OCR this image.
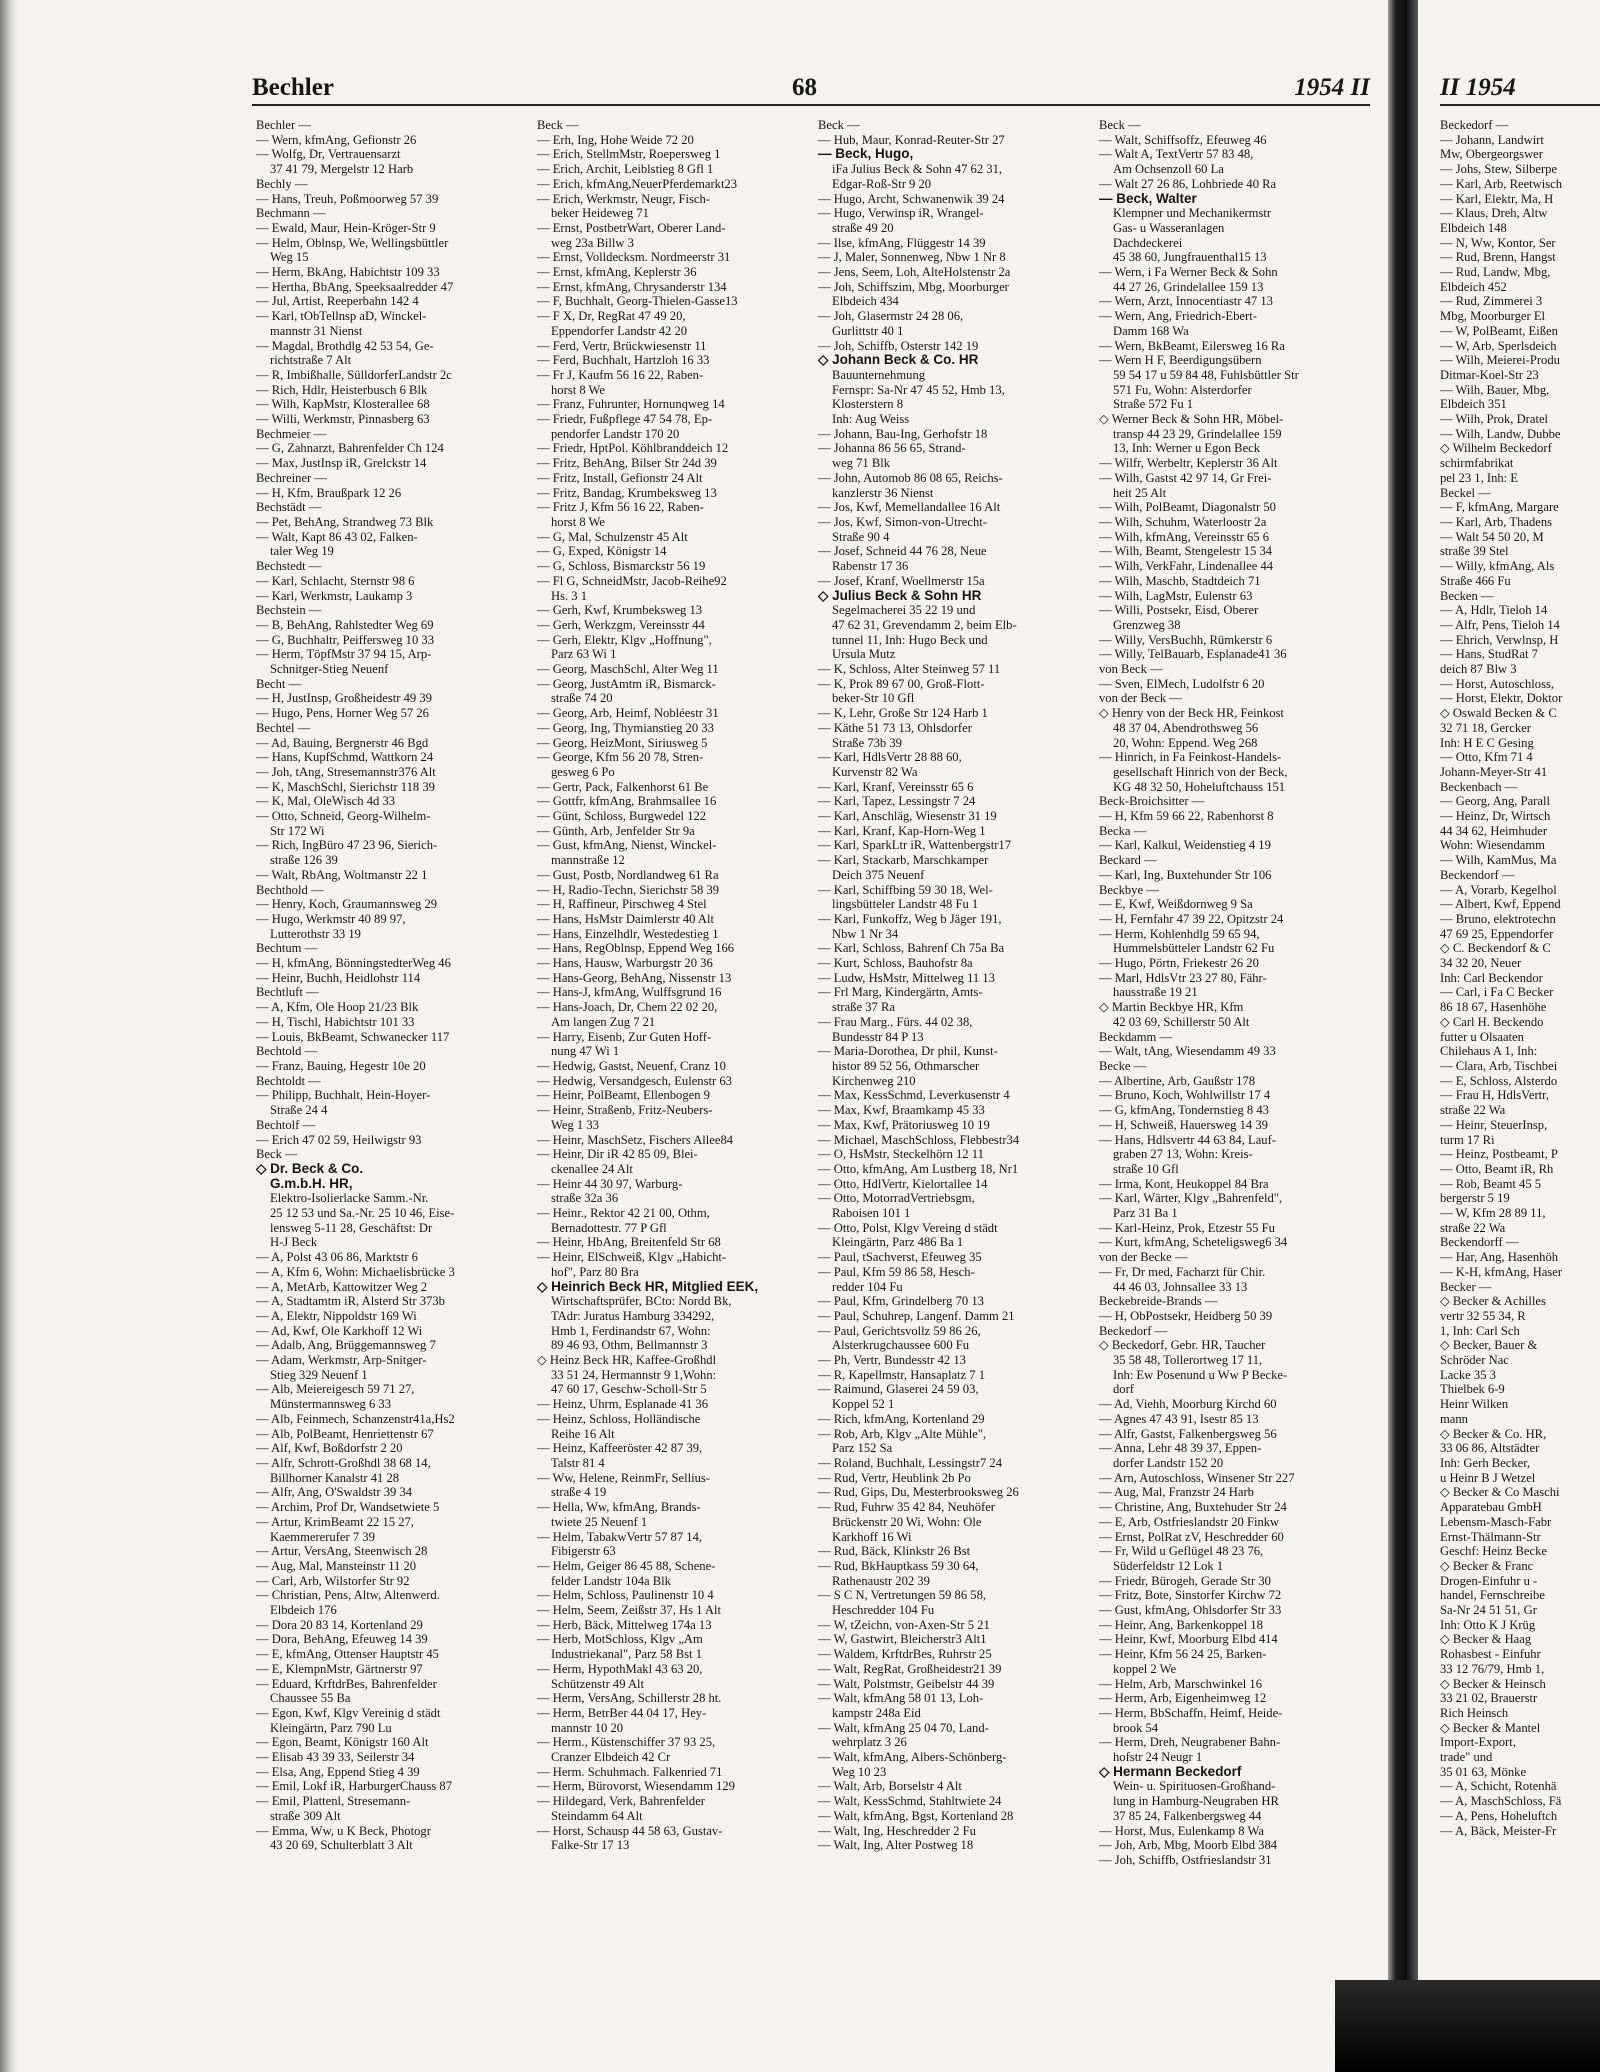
Bechler	68	1954 II
Bechler —
— Wern, kfmAng, Gefionstr 26
— Wolfg, Dr, Vertrauensarzt
37 41 79, Mergelstr 12 Harb
Bechly —
— Hans, Treuh, Poßmoorweg 57 39
Bechmann —
— Ewald, Maur, Hein-Kröger-Str 9
— Helm, Oblnsp, We, Wellingsbüttler
Weg 15
— Herm, BkAng, Habichtstr 109 33
— Hertha, BbAng, Speeksaalredder 47
— Jul, Artist, Reeperbahn 142 4
— Karl, tObTellnsp aD, Winckel-
mannstr 31 Nienst
— Magdal, Brothdlg 42 53 54, Ge-
richtstraße 7 Alt
— R, Imbißhalle, SülldorferLandstr 2c
— Rich, Hdlr, Heisterbusch 6 Blk
— Wilh, KapMstr, Klosterallee 68
— Willi, Werkmstr, Pinnasberg 63
Bechmeier —
— G, Zahnarzt, Bahrenfelder Ch 124
— Max, JustInsp iR, Grelckstr 14
Bechreiner —
— H, Kfm, Braußpark 12 26
Bechstädt —
— Pet, BehAng, Strandweg 73 Blk
— Walt, Kapt 86 43 02, Falken-
taler Weg 19
Bechstedt —
— Karl, Schlacht, Sternstr 98 6
— Karl, Werkmstr, Laukamp 3
Bechstein —
— B, BehAng, Rahlstedter Weg 69
— G, Buchhaltr, Peiffersweg 10 33
— Herm, TöpfMstr 37 94 15, Arp-
Schnitger-Stieg Neuenf
Becht —
— H, JustInsp, Großheidestr 49 39
— Hugo, Pens, Horner Weg 57 26
Bechtel —
— Ad, Bauing, Bergnerstr 46 Bgd
— Hans, KupfSchmd, Wattkorn 24
— Joh, tAng, Stresemannstr376 Alt
— K, MaschSchl, Sierichstr 118 39
— K, Mal, OleWisch 4d 33
— Otto, Schneid, Georg-Wilhelm-
Str 172 Wi
— Rich, IngBüro 47 23 96, Sierich-
straße 126 39
— Walt, RbAng, Woltmanstr 22 1
Bechthold —
— Henry, Koch, Graumannsweg 29
— Hugo, Werkmstr 40 89 97,
Lutterothstr 33 19
Bechtum —
— H, kfmAng, BönningstedterWeg 46
— Heinr, Buchh, Heidlohstr 114
Bechtluft —
— A, Kfm, Ole Hoop 21/23 Blk
— H, Tischl, Habichtstr 101 33
— Louis, BkBeamt, Schwanecker 117
Bechtold —
— Franz, Bauing, Hegestr 10e 20
Bechtoldt —
— Philipp, Buchhalt, Hein-Hoyer-
Straße 24 4
Bechtolf —
— Erich 47 02 59, Heilwigstr 93
Beck —
◇ Dr. Beck & Co.
G.m.b.H. HR,
Elektro-Isolierlacke Samm.-Nr.
25 12 53 und Sa.-Nr. 25 10 46, Eise-
lensweg 5-11 28, Geschäftst: Dr
H-J Beck
— A, Polst 43 06 86, Marktstr 6
— A, Kfm 6, Wohn: Michaelisbrücke 3
— A, MetArb, Kattowitzer Weg 2
— A, Stadtamtm iR, Alsterd Str 373b
— A, Elektr, Nippoldstr 169 Wi
— Ad, Kwf, Ole Karkhoff 12 Wi
— Adalb, Ang, Brüggemannsweg 7
— Adam, Werkmstr, Arp-Snitger-
Stieg 329 Neuenf 1
— Alb, Meiereigesch 59 71 27,
Münstermannsweg 6 33
— Alb, Feinmech, Schanzenstr41a,Hs2
— Alb, PolBeamt, Henriettenstr 67
— Alf, Kwf, Boßdorfstr 2 20
— Alfr, Schrott-Großhdl 38 68 14,
Billhorner Kanalstr 41 28
— Alfr, Ang, O'Swaldstr 39 34
— Archim, Prof Dr, Wandsetwiete 5
— Artur, KrimBeamt 22 15 27,
Kaemmererufer 7 39
— Artur, VersAng, Steenwisch 28
— Aug, Mal, Mansteinstr 11 20
— Carl, Arb, Wilstorfer Str 92
— Christian, Pens, Altw, Altenwerd.
Elbdeich 176
— Dora 20 83 14, Kortenland 29
— Dora, BehAng, Efeuweg 14 39
— E, kfmAng, Ottenser Hauptstr 45
— E, KlempnMstr, Gärtnerstr 97
— Eduard, KrftdrBes, Bahrenfelder
Chaussee 55 Ba
— Egon, Kwf, Klgv Vereinig d städt
Kleingärtn, Parz 790 Lu
— Egon, Beamt, Königstr 160 Alt
— Elisab 43 39 33, Seilerstr 34
— Elsa, Ang, Eppend Stieg 4 39
— Emil, Lokf iR, HarburgerChauss 87
— Emil, Plattenl, Stresemann-
straße 309 Alt
— Emma, Ww, u K Beck, Photogr
43 20 69, Schulterblatt 3 Alt
Beck —
— Erh, Ing, Hohe Weide 72 20
— Erich, StellmMstr, Roepersweg 1
— Erich, Archit, Leiblstieg 8 Gfl 1
— Erich, kfmAng,NeuerPferdemarkt23
— Erich, Werkmstr, Neugr, Fisch-
beker Heideweg 71
— Ernst, PostbetrWart, Oberer Land-
weg 23a Billw 3
— Ernst, Volldecksm. Nordmeerstr 31
— Ernst, kfmAng, Keplerstr 36
— Ernst, kfmAng, Chrysanderstr 134
— F, Buchhalt, Georg-Thielen-Gasse13
— F X, Dr, RegRat 47 49 20,
Eppendorfer Landstr 42 20
— Ferd, Vertr, Brückwiesenstr 11
— Ferd, Buchhalt, Hartzloh 16 33
— Fr J, Kaufm 56 16 22, Raben-
horst 8 We
— Franz, Fuhrunter, Hornunqweg 14
— Friedr, Fußpflege 47 54 78, Ep-
pendorfer Landstr 170 20
— Friedr, HptPol. Köhlbranddeich 12
— Fritz, BehAng, Bilser Str 24d 39
— Fritz, Install, Gefionstr 24 Alt
— Fritz, Bandag, Krumbeksweg 13
— Fritz J, Kfm 56 16 22, Raben-
horst 8 We
— G, Mal, Schulzenstr 45 Alt
— G, Exped, Königstr 14
— G, Schloss, Bismarckstr 56 19
— Fl G, SchneidMstr, Jacob-Reihe92
Hs. 3 1
— Gerh, Kwf, Krumbeksweg 13
— Gerh, Werkzgm, Vereinsstr 44
— Gerh, Elektr, Klgv „Hoffnung",
Parz 63 Wi 1
— Georg, MaschSchl, Alter Weg 11
— Georg, JustAmtm iR, Bismarck-
straße 74 20
— Georg, Arb, Heimf, Nobléestr 31
— Georg, Ing, Thymianstieg 20 33
— Georg, HeizMont, Siriusweg 5
— George, Kfm 56 20 78, Stren-
gesweg 6 Po
— Gertr, Pack, Falkenhorst 61 Be
— Gottfr, kfmAng, Brahmsallee 16
— Günt, Schloss, Burgwedel 122
— Günth, Arb, Jenfelder Str 9a
— Gust, kfmAng, Nienst, Winckel-
mannstraße 12
— Gust, Postb, Nordlandweg 61 Ra
— H, Radio-Techn, Sierichstr 58 39
— H, Raffineur, Pirschweg 4 Stel
— Hans, HsMstr Daimlerstr 40 Alt
— Hans, Einzelhdlr, Westedestieg 1
— Hans, RegOblnsp, Eppend Weg 166
— Hans, Hausw, Warburgstr 20 36
— Hans-Georg, BehAng, Nissenstr 13
— Hans-J, kfmAng, Wulffsgrund 16
— Hans-Joach, Dr, Chem 22 02 20,
Am langen Zug 7 21
— Harry, Eisenb, Zur Guten Hoff-
nung 47 Wi 1
— Hedwig, Gastst, Neuenf, Cranz 10
— Hedwig, Versandgesch, Eulenstr 63
— Heinr, PolBeamt, Ellenbogen 9
— Heinr, Straßenb, Fritz-Neubers-
Weg 1 33
— Heinr, MaschSetz, Fischers Allee84
— Heinr, Dir iR 42 85 09, Blei-
ckenallee 24 Alt
— Heinr 44 30 97, Warburg-
straße 32a 36
— Heinr., Rektor 42 21 00, Othm,
Bernadottestr. 77 P Gfl
— Heinr, HbAng, Breitenfeld Str 68
— Heinr, ElSchweiß, Klgv „Habicht-
hof", Parz 80 Bra
◇ Heinrich Beck HR, Mitglied EEK,
Wirtschaftsprüfer, BCto: Nordd Bk,
TAdr: Juratus Hamburg 334292,
Hmb 1, Ferdinandstr 67, Wohn:
89 46 93, Othm, Bellmannstr 3
◇ Heinz Beck HR, Kaffee-Großhdl
33 51 24, Hermannstr 9 1,Wohn:
47 60 17, Geschw-Scholl-Str 5
— Heinz, Uhrm, Esplanade 41 36
— Heinz, Schloss, Holländische
Reihe 16 Alt
— Heinz, Kaffeeröster 42 87 39,
Talstr 81 4
— Ww, Helene, ReinmFr, Sellius-
straße 4 19
— Hella, Ww, kfmAng, Brands-
twiete 25 Neuenf 1
— Helm, TabakwVertr 57 87 14,
Fibigerstr 63
— Helm, Geiger 86 45 88, Schene-
felder Landstr 104a Blk
— Helm, Schloss, Paulinenstr 10 4
— Helm, Seem, Zeißstr 37, Hs 1 Alt
— Herb, Bäck, Mittelweg 174a 13
— Herb, MotSchloss, Klgv „Am
Industriekanal", Parz 58 Bst 1
— Herm, HypothMakl 43 63 20,
Schützenstr 49 Alt
— Herm, VersAng, Schillerstr 28 ht.
— Herm, BetrBer 44 04 17, Hey-
mannstr 10 20
— Herm., Küstenschiffer 37 93 25,
Cranzer Elbdeich 42 Cr
— Herm. Schuhmach. Falkenried 71
— Herm, Bürovorst, Wiesendamm 129
— Hildegard, Verk, Bahrenfelder
Steindamm 64 Alt
— Horst, Schausp 44 58 63, Gustav-
Falke-Str 17 13
Beck —
— Hub, Maur, Konrad-Reuter-Str 27
— Beck, Hugo,
iFa Julius Beck & Sohn 47 62 31,
Edgar-Roß-Str 9 20
— Hugo, Archt, Schwanenwik 39 24
— Hugo, Verwinsp iR, Wrangel-
straße 49 20
— Ilse, kfmAng, Flüggestr 14 39
— J, Maler, Sonnenweg, Nbw 1 Nr 8
— Jens, Seem, Loh, AlteHolstenstr 2a
— Joh, Schiffszim, Mbg, Moorburger
Elbdeich 434
— Joh, Glasermstr 24 28 06,
Gurlittstr 40 1
— Joh, Schiffb, Osterstr 142 19
◇ Johann Beck & Co. HR
Bauunternehmung
Fernspr: Sa-Nr 47 45 52, Hmb 13,
Klosterstern 8
Inh: Aug Weiss
— Johann, Bau-Ing, Gerhofstr 18
— Johanna 86 56 65, Strand-
weg 71 Blk
— John, Automob 86 08 65, Reichs-
kanzlerstr 36 Nienst
— Jos, Kwf, Memellandallee 16 Alt
— Jos, Kwf, Simon-von-Utrecht-
Straße 90 4
— Josef, Schneid 44 76 28, Neue
Rabenstr 17 36
— Josef, Kranf, Woellmerstr 15a
◇ Julius Beck & Sohn HR
Segelmacherei 35 22 19 und
47 62 31, Grevendamm 2, beim Elb-
tunnel 11, Inh: Hugo Beck und
Ursula Mutz
— K, Schloss, Alter Steinweg 57 11
— K, Prok 89 67 00, Groß-Flott-
beker-Str 10 Gfl
— K, Lehr, Große Str 124 Harb 1
— Käthe 51 73 13, Ohlsdorfer
Straße 73b 39
— Karl, HdlsVertr 28 88 60,
Kurvenstr 82 Wa
— Karl, Kranf, Vereinsstr 65 6
— Karl, Tapez, Lessingstr 7 24
— Karl, Anschläg, Wiesenstr 31 19
— Karl, Kranf, Kap-Horn-Weg 1
— Karl, SparkLtr iR, Wattenbergstr17
— Karl, Stackarb, Marschkamper
Deich 375 Neuenf
— Karl, Schiffbing 59 30 18, Wel-
lingsbütteler Landstr 48 Fu 1
— Karl, Funkoffz, Weg b Jäger 191,
Nbw 1 Nr 34
— Karl, Schloss, Bahrenf Ch 75a Ba
— Kurt, Schloss, Bauhofstr 8a
— Ludw, HsMstr, Mittelweg 11 13
— Frl Marg, Kindergärtn, Amts-
straße 37 Ra
— Frau Marg., Fürs. 44 02 38,
Bundesstr 84 P 13
— Maria-Dorothea, Dr phil, Kunst-
histor 89 52 56, Othmarscher
Kirchenweg 210
— Max, KessSchmd, Leverkusenstr 4
— Max, Kwf, Braamkamp 45 33
— Max, Kwf, Prätoriusweg 10 19
— Michael, MaschSchloss, Flebbestr34
— O, HsMstr, Steckelhörn 12 11
— Otto, kfmAng, Am Lustberg 18, Nr1
— Otto, HdlVertr, Kielortallee 14
— Otto, MotorradVertriebsgm,
Raboisen 101 1
— Otto, Polst, Klgv Vereing d städt
Kleingärtn, Parz 486 Ba 1
— Paul, tSachverst, Efeuweg 35
— Paul, Kfm 59 86 58, Hesch-
redder 104 Fu
— Paul, Kfm, Grindelberg 70 13
— Paul, Schuhrep, Langenf. Damm 21
— Paul, Gerichtsvollz 59 86 26,
Alsterkrugchaussee 600 Fu
— Ph, Vertr, Bundesstr 42 13
— R, Kapellmstr, Hansaplatz 7 1
— Raimund, Glaserei 24 59 03,
Koppel 52 1
— Rich, kfmAng, Kortenland 29
— Rob, Arb, Klgv „Alte Mühle",
Parz 152 Sa
— Roland, Buchhalt, Lessingstr7 24
— Rud, Vertr, Heublink 2b Po
— Rud, Gips, Du, Mesterbrooksweg 26
— Rud, Fuhrw 35 42 84, Neuhöfer
Brückenstr 20 Wi, Wohn: Ole
Karkhoff 16 Wi
— Rud, Bäck, Klinkstr 26 Bst
— Rud, BkHauptkass 59 30 64,
Rathenaustr 202 39
— S C N, Vertretungen 59 86 58,
Heschredder 104 Fu
— W, tZeichn, von-Axen-Str 5 21
— W, Gastwirt, Bleicherstr3 Alt1
— Waldem, KrftdrBes, Ruhrstr 25
— Walt, RegRat, Großheidestr21 39
— Walt, Polstmstr, Geibelstr 44 39
— Walt, kfmAng 58 01 13, Loh-
kampstr 248a Eid
— Walt, kfmAng 25 04 70, Land-
wehrplatz 3 26
— Walt, kfmAng, Albers-Schönberg-
Weg 10 23
— Walt, Arb, Borselstr 4 Alt
— Walt, KessSchmd, Stahltwiete 24
— Walt, kfmAng, Bgst, Kortenland 28
— Walt, Ing, Heschredder 2 Fu
— Walt, Ing, Alter Postweg 18
Beck —
— Walt, Schiffsoffz, Efeuweg 46
— Walt A, TextVertr 57 83 48,
Am Ochsenzoll 60 La
— Walt 27 26 86, Lohbriede 40 Ra
— Beck, Walter
Klempner und Mechanikermstr
Gas- u Wasseranlagen
Dachdeckerei
45 38 60, Jungfrauenthal15 13
— Wern, i Fa Werner Beck & Sohn
44 27 26, Grindelallee 159 13
— Wern, Arzt, Innocentiastr 47 13
— Wern, Ang, Friedrich-Ebert-
Damm 168 Wa
— Wern, BkBeamt, Eilersweg 16 Ra
— Wern H F, Beerdigungsübern
59 54 17 u 59 84 48, Fuhlsbüttler Str
571 Fu, Wohn: Alsterdorfer
Straße 572 Fu 1
◇ Werner Beck & Sohn HR, Möbel-
transp 44 23 29, Grindelallee 159
13, Inh: Werner u Egon Beck
— Wilfr, Werbeltr, Keplerstr 36 Alt
— Wilh, Gastst 42 97 14, Gr Frei-
heit 25 Alt
— Wilh, PolBeamt, Diagonalstr 50
— Wilh, Schuhm, Waterloostr 2a
— Wilh, kfmAng, Vereinsstr 65 6
— Wilh, Beamt, Stengelestr 15 34
— Wilh, VerkFahr, Lindenallee 44
— Wilh, Maschb, Stadtdeich 71
— Wilh, LagMstr, Eulenstr 63
— Willi, Postsekr, Eisd, Oberer
Grenzweg 38
— Willy, VersBuchh, Rümkerstr 6
— Willy, TelBauarb, Esplanade41 36
von Beck —
— Sven, ElMech, Ludolfstr 6 20
von der Beck —
◇ Henry von der Beck HR, Feinkost
48 37 04, Abendrothsweg 56
20, Wohn: Eppend. Weg 268
— Hinrich, in Fa Feinkost-Handels-
gesellschaft Hinrich von der Beck,
KG 48 32 50, Hoheluftchauss 151
Beck-Broichsitter —
— H, Kfm 59 66 22, Rabenhorst 8
Becka —
— Karl, Kalkul, Weidenstieg 4 19
Beckard —
— Karl, Ing, Buxtehunder Str 106
Beckbye —
— E, Kwf, Weißdornweg 9 Sa
— H, Fernfahr 47 39 22, Opitzstr 24
— Herm, Kohlenhdlg 59 65 94,
Hummelsbütteler Landstr 62 Fu
— Hugo, Pörtn, Friekestr 26 20
— Marl, HdlsVtr 23 27 80, Fähr-
hausstraße 19 21
◇ Martin Beckbye HR, Kfm
42 03 69, Schillerstr 50 Alt
Beckdamm —
— Walt, tAng, Wiesendamm 49 33
Becke —
— Albertine, Arb, Gaußstr 178
— Bruno, Koch, Wohlwillstr 17 4
— G, kfmAng, Tondernstieg 8 43
— H, Schweiß, Hauersweg 14 39
— Hans, Hdlsvertr 44 63 84, Lauf-
graben 27 13, Wohn: Kreis-
straße 10 Gfl
— Irma, Kont, Heukoppel 84 Bra
— Karl, Wärter, Klgv „Bahrenfeld",
Parz 31 Ba 1
— Karl-Heinz, Prok, Etzestr 55 Fu
— Kurt, kfmAng, Scheteligsweg6 34
von der Becke —
— Fr, Dr med, Facharzt für Chir.
44 46 03, Johnsallee 33 13
Beckebreide-Brands —
— H, ObPostsekr, Heidberg 50 39
Beckedorf —
◇ Beckedorf, Gebr. HR, Taucher
35 58 48, Tollerortweg 17 11,
Inh: Ew Posenund u Ww P Becke-
dorf
— Ad, Viehh, Moorburg Kirchd 60
— Agnes 47 43 91, Isestr 85 13
— Alfr, Gastst, Falkenbergsweg 56
— Anna, Lehr 48 39 37, Eppen-
dorfer Landstr 152 20
— Arn, Autoschloss, Winsener Str 227
— Aug, Mal, Franzstr 24 Harb
— Christine, Ang, Buxtehuder Str 24
— E, Arb, Ostfrieslandstr 20 Finkw
— Ernst, PolRat zV, Heschredder 60
— Fr, Wild u Geflügel 48 23 76,
Süderfeldstr 12 Lok 1
— Friedr, Bürogeh, Gerade Str 30
— Fritz, Bote, Sinstorfer Kirchw 72
— Gust, kfmAng, Ohlsdorfer Str 33
— Heinr, Ang, Barkenkoppel 18
— Heinr, Kwf, Moorburg Elbd 414
— Heinr, Kfm 56 24 25, Barken-
koppel 2 We
— Helm, Arb, Marschwinkel 16
— Herm, Arb, Eigenheimweg 12
— Herm, BbSchaffn, Heimf, Heide-
brook 54
— Herm, Dreh, Neugrabener Bahn-
hofstr 24 Neugr 1
◇ Hermann Beckedorf
Wein- u. Spirituosen-Großhand-
lung in Hamburg-Neugraben HR
37 85 24, Falkenbergsweg 44
— Horst, Mus, Eulenkamp 8 Wa
— Joh, Arb, Mbg, Moorb Elbd 384
— Joh, Schiffb, Ostfrieslandstr 31
II 1954
Beckedorf —
— Johann, Landwirt
Mw, Obergeorgswer
— Johs, Stew, Silberpe
— Karl, Arb, Reetwisch
— Karl, Elektr, Ma, H
— Klaus, Dreh, Altw
Elbdeich 148
— N, Ww, Kontor, Ser
— Rud, Brenn, Hangst
— Rud, Landw, Mbg,
Elbdeich 452
— Rud, Zimmerei 3
Mbg, Moorburger El
— W, PolBeamt, Eißen
— W, Arb, Sperlsdeich
— Wilh, Meierei-Produ
Ditmar-Koel-Str 23
— Wilh, Bauer, Mbg,
Elbdeich 351
— Wilh, Prok, Dratel
— Wilh, Landw, Dubbe
◇ Wilhelm Beckedorf
schirmfabrikat
pel 23 1, Inh: E
Beckel —
— F, kfmAng, Margare
— Karl, Arb, Thadens
— Walt 54 50 20, M
straße 39 Stel
— Willy, kfmAng, Als
Straße 466 Fu
Becken —
— A, Hdlr, Tieloh 14
— Alfr, Pens, Tieloh 14
— Ehrich, Verwlnsp, H
— Hans, StudRat 7
deich 87 Blw 3
— Horst, Autoschloss,
— Horst, Elektr, Doktor
◇ Oswald Becken & C
32 71 18, Gercker
Inh: H E C Gesing
— Otto, Kfm 71 4
Johann-Meyer-Str 41
Beckenbach —
— Georg, Ang, Parall
— Heinz, Dr, Wirtsch
44 34 62, Heimhuder
Wohn: Wiesendamm
— Wilh, KamMus, Ma
Beckendorf —
— A, Vorarb, Kegelhol
— Albert, Kwf, Eppend
— Bruno, elektrotechn
47 69 25, Eppendorfer
◇ C. Beckendorf & C
34 32 20, Neuer
Inh: Carl Beckendor
— Carl, i Fa C Becker
86 18 67, Hasenhöhe
◇ Carl H. Beckendo
futter u Olsaaten
Chilehaus A 1, Inh:
— Clara, Arb, Tischbei
— E, Schloss, Alsterdo
— Frau H, HdlsVertr,
straße 22 Wa
— Heinr, SteuerInsp,
turm 17 Ri
— Heinz, Postbeamt, P
— Otto, Beamt iR, Rh
— Rob, Beamt 45 5
bergerstr 5 19
— W, Kfm 28 89 11,
straße 22 Wa
Beckendorff —
— Har, Ang, Hasenhöh
— K-H, kfmAng, Haser
Becker —
◇ Becker & Achilles
vertr 32 55 34, R
1, Inh: Carl Sch
◇ Becker, Bauer &
Schröder Nac
Lacke 35 3
Thielbek 6-9
Heinr Wilken
mann
◇ Becker & Co. HR,
33 06 86, Altstädter
Inh: Gerh Becker,
u Heinr B J Wetzel
◇ Becker & Co Maschi
Apparatebau GmbH
Lebensm-Masch-Fabr
Ernst-Thälmann-Str
Geschf: Heinz Becke
◇ Becker & Franc
Drogen-Einfuhr u -
handel, Fernschreibe
Sa-Nr 24 51 51, Gr
Inh: Otto K J Krüg
◇ Becker & Haag
Rohasbest - Einfuhr
33 12 76/79, Hmb 1,
◇ Becker & Heinsch
33 21 02, Brauerstr
Rich Heinsch
◇ Becker & Mantel
Import-Export,
trade" und
35 01 63, Mönke
— A, Schicht, Rotenhä
— A, MaschSchloss, Fä
— A, Pens, Hoheluftch
— A, Bäck, Meister-Fr
